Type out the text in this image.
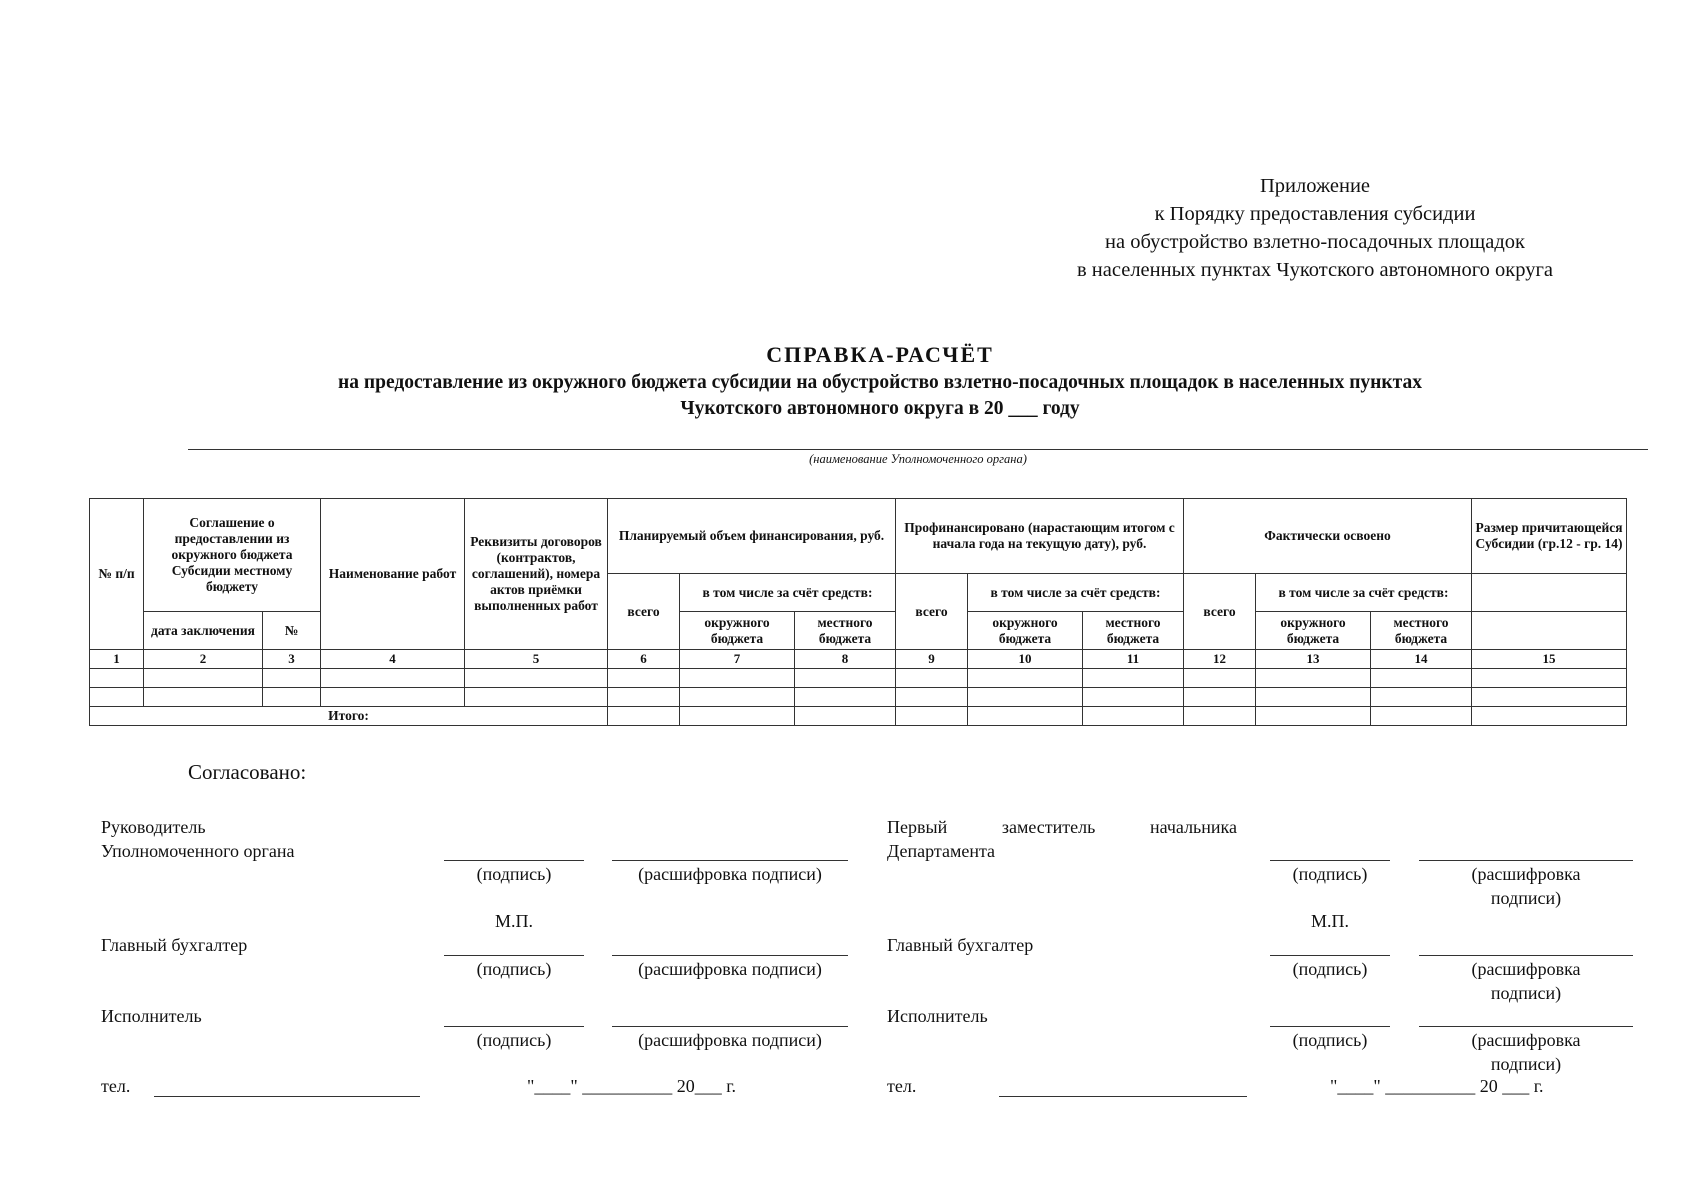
Приложение
к Порядку предоставления субсидии
на обустройство взлетно-посадочных площадок
в населенных пунктах Чукотского автономного округа
СПРАВКА-РАСЧЁТ
на предоставление из окружного бюджета субсидии на обустройство взлетно-посадочных площадок в населенных пунктах
Чукотского автономного округа в 20 ___ году
(наименование Уполномоченного органа)
№ п/п	Соглашение о предоставлении из окружного бюджета Субсидии местному бюджету		Наименование работ	Реквизиты договоров (контрактов, соглашений), номера актов приёмки выполненных работ	Планируемый объем финансирования, руб.			Профинансировано (нарастающим итогом с начала года на текущую дату), руб.			Фактически освоено			Размер причитающейся Субсидии (гр.12 - гр. 14)
					всего	в том числе за счёт средств:		всего	в том числе за счёт средств:		всего	в том числе за счёт средств:		
	дата заключения	№				окружного бюджета	местного бюджета		окружного бюджета	местного бюджета		окружного бюджета	местного бюджета	
1	2	3	4	5	6	7	8	9	10	11	12	13	14	15

Итого:														
Согласовано:
Руководитель
Уполномоченного органа
(подпись)	(расшифровка подписи)
М.П.
Главный бухгалтер
(подпись)	(расшифровка подписи)
Исполнитель
(подпись)	(расшифровка подписи)
тел.	"____" __________ 20___ г.
Первый	заместитель	начальника
Департамента
(подпись)	(расшифровка
подписи)
М.П.
Главный бухгалтер
(подпись)	(расшифровка
подписи)
Исполнитель
(подпись)	(расшифровка
подписи)
тел.	"____" __________ 20 ___ г.
